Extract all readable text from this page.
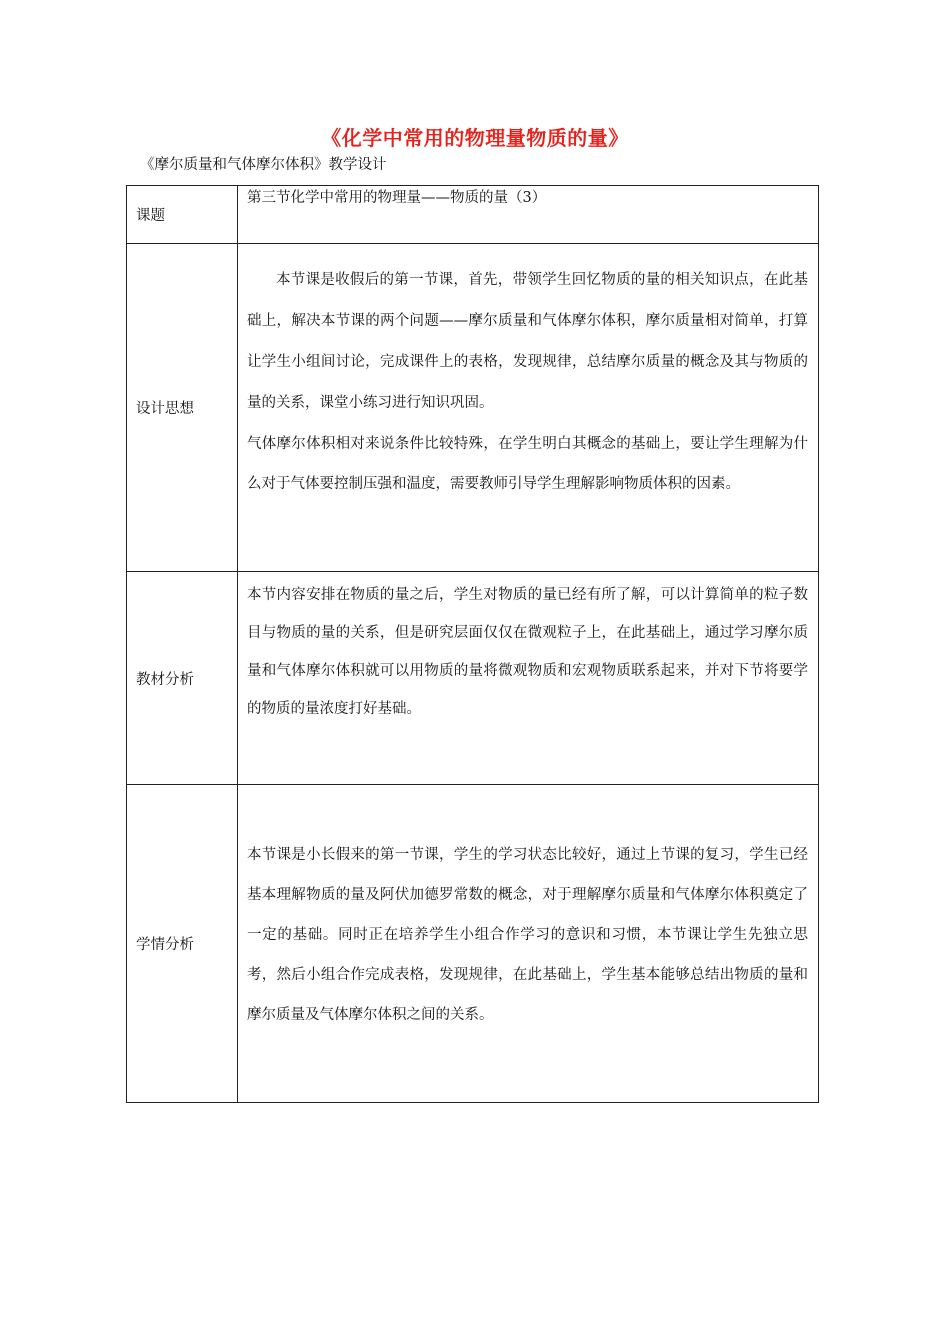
《化学中常用的物理量物质的量》
《摩尔质量和气体摩尔体积》教学设计
课题	第三节化学中常用的物理量——物质的量（3）
设计思想	本节课是收假后的第一节课，首先，带领学生回忆物质的量的相关知识点，在此基础上，解决本节课的两个问题——摩尔质量和气体摩尔体积，摩尔质量相对简单，打算让学生小组间讨论，完成课件上的表格，发现规律，总结摩尔质量的概念及其与物质的量的关系，课堂小练习进行知识巩固。

气体摩尔体积相对来说条件比较特殊，在学生明白其概念的基础上，要让学生理解为什么对于气体要控制压强和温度，需要教师引导学生理解影响物质体积的因素。

教材分析	本节内容安排在物质的量之后，学生对物质的量已经有所了解，可以计算简单的粒子数目与物质的量的关系，但是研究层面仅仅在微观粒子上，在此基础上，通过学习摩尔质量和气体摩尔体积就可以用物质的量将微观物质和宏观物质联系起来，并对下节将要学的物质的量浓度打好基础。

学情分析	本节课是小长假来的第一节课，学生的学习状态比较好，通过上节课的复习，学生已经基本理解物质的量及阿伏加德罗常数的概念，对于理解摩尔质量和气体摩尔体积奠定了一定的基础。同时正在培养学生小组合作学习的意识和习惯，本节课让学生先独立思考，然后小组合作完成表格，发现规律，在此基础上，学生基本能够总结出物质的量和摩尔质量及气体摩尔体积之间的关系。
